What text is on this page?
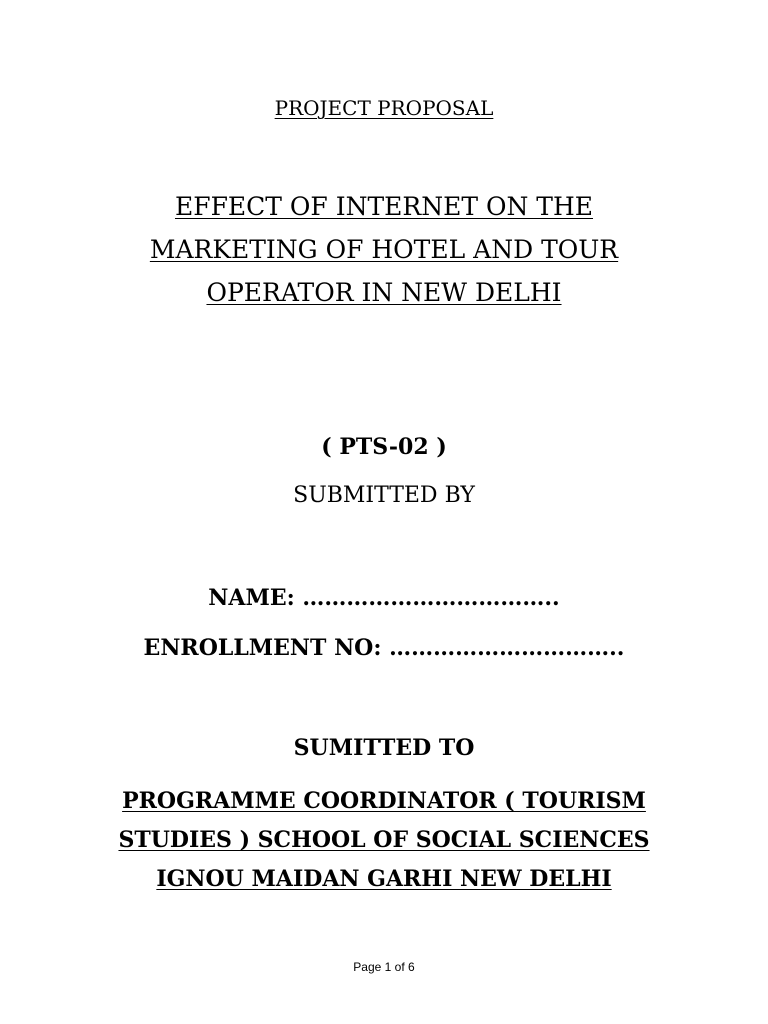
PROJECT PROPOSAL
EFFECT OF INTERNET ON THE
MARKETING OF HOTEL AND TOUR
OPERATOR IN NEW DELHI
( PTS-02 )
SUBMITTED BY
NAME: ……………………………..
ENROLLMENT NO: …………………………..
SUMITTED TO
PROGRAMME COORDINATOR ( TOURISM
STUDIES ) SCHOOL OF SOCIAL SCIENCES
IGNOU MAIDAN GARHI NEW DELHI
Page 1 of 6
